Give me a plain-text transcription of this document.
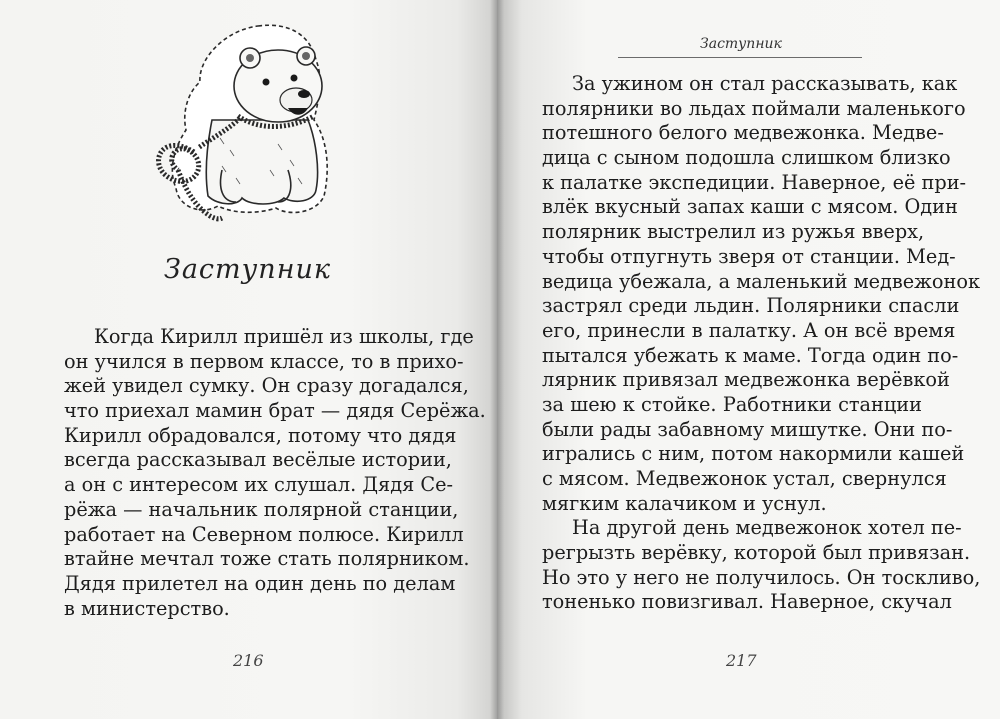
Заступник
Когда Кирилл пришёл из школы, где
он учился в первом классе, то в прихо-
жей увидел сумку. Он сразу догадался,
что приехал мамин брат — дядя Серёжа.
Кирилл обрадовался, потому что дядя
всегда рассказывал весёлые истории,
а он с интересом их слушал. Дядя Се-
рёжа — начальник полярной станции,
работает на Северном полюсе. Кирилл
втайне мечтал тоже стать полярником.
Дядя прилетел на один день по делам
в министерство.
216
Заступник
За ужином он стал рассказывать, как
полярники во льдах поймали маленького
потешного белого медвежонка. Медве-
дица с сыном подошла слишком близко
к палатке экспедиции. Наверное, её при-
влёк вкусный запах каши с мясом. Один
полярник выстрелил из ружья вверх,
чтобы отпугнуть зверя от станции. Мед-
ведица убежала, а маленький медвежонок
застрял среди льдин. Полярники спасли
его, принесли в палатку. А он всё время
пытался убежать к маме. Тогда один по-
лярник привязал медвежонка верёвкой
за шею к стойке. Работники станции
были рады забавному мишутке. Они по-
игрались с ним, потом накормили кашей
с мясом. Медвежонок устал, свернулся
мягким калачиком и уснул.
На другой день медвежонок хотел пе-
регрызть верёвку, которой был привязан.
Но это у него не получилось. Он тоскливо,
тоненько повизгивал. Наверное, скучал
217
